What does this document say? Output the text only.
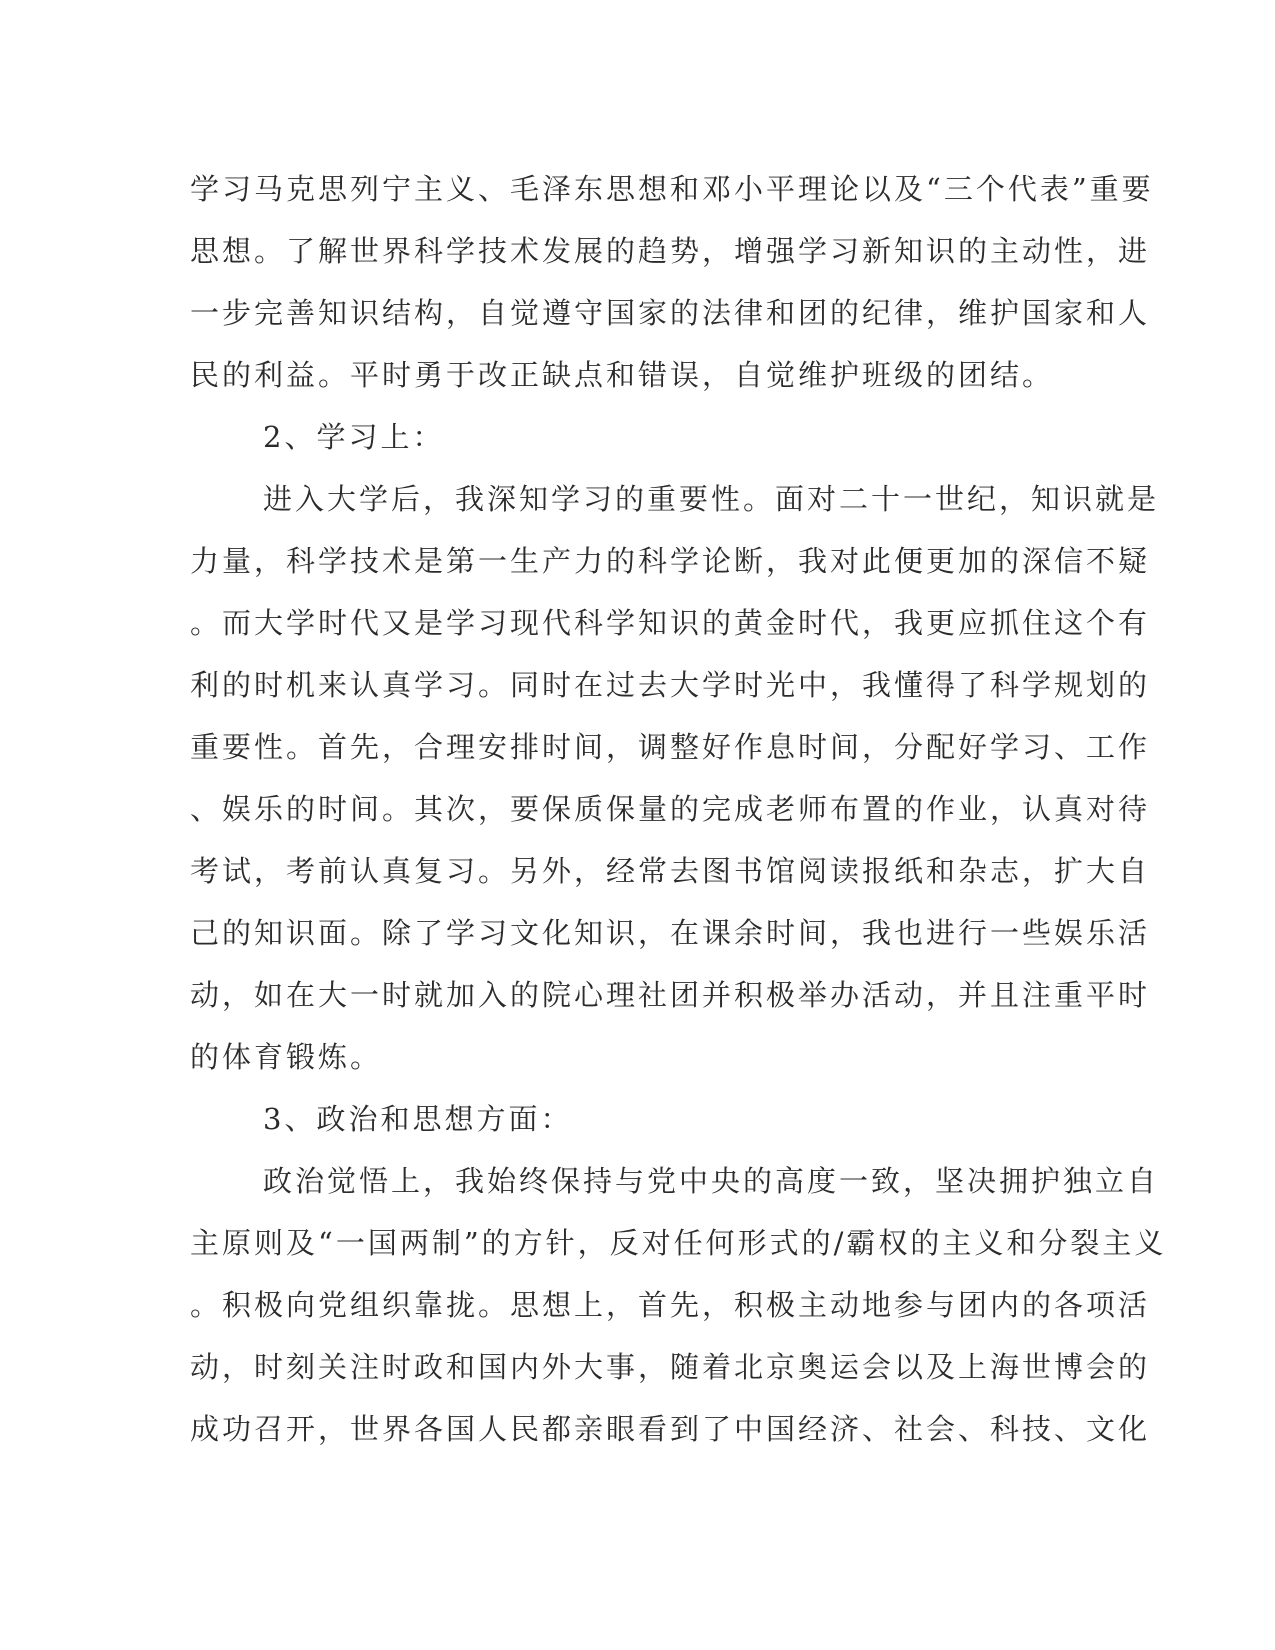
学习马克思列宁主义、毛泽东思想和邓小平理论以及“三个代表”重要
思想。了解世界科学技术发展的趋势，增强学习新知识的主动性，进
一步完善知识结构，自觉遵守国家的法律和团的纪律，维护国家和人
民的利益。平时勇于改正缺点和错误，自觉维护班级的团结。
2、学习上：
进入大学后，我深知学习的重要性。面对二十一世纪，知识就是
力量，科学技术是第一生产力的科学论断，我对此便更加的深信不疑
。而大学时代又是学习现代科学知识的黄金时代，我更应抓住这个有
利的时机来认真学习。同时在过去大学时光中，我懂得了科学规划的
重要性。首先，合理安排时间，调整好作息时间，分配好学习、工作
、娱乐的时间。其次，要保质保量的完成老师布置的作业，认真对待
考试，考前认真复习。另外，经常去图书馆阅读报纸和杂志，扩大自
己的知识面。除了学习文化知识，在课余时间，我也进行一些娱乐活
动，如在大一时就加入的院心理社团并积极举办活动，并且注重平时
的体育锻炼。
3、政治和思想方面：
政治觉悟上，我始终保持与党中央的高度一致，坚决拥护独立自
主原则及“一国两制”的方针，反对任何形式的/霸权的主义和分裂主义
。积极向党组织靠拢。思想上，首先，积极主动地参与团内的各项活
动，时刻关注时政和国内外大事，随着北京奥运会以及上海世博会的
成功召开，世界各国人民都亲眼看到了中国经济、社会、科技、文化
